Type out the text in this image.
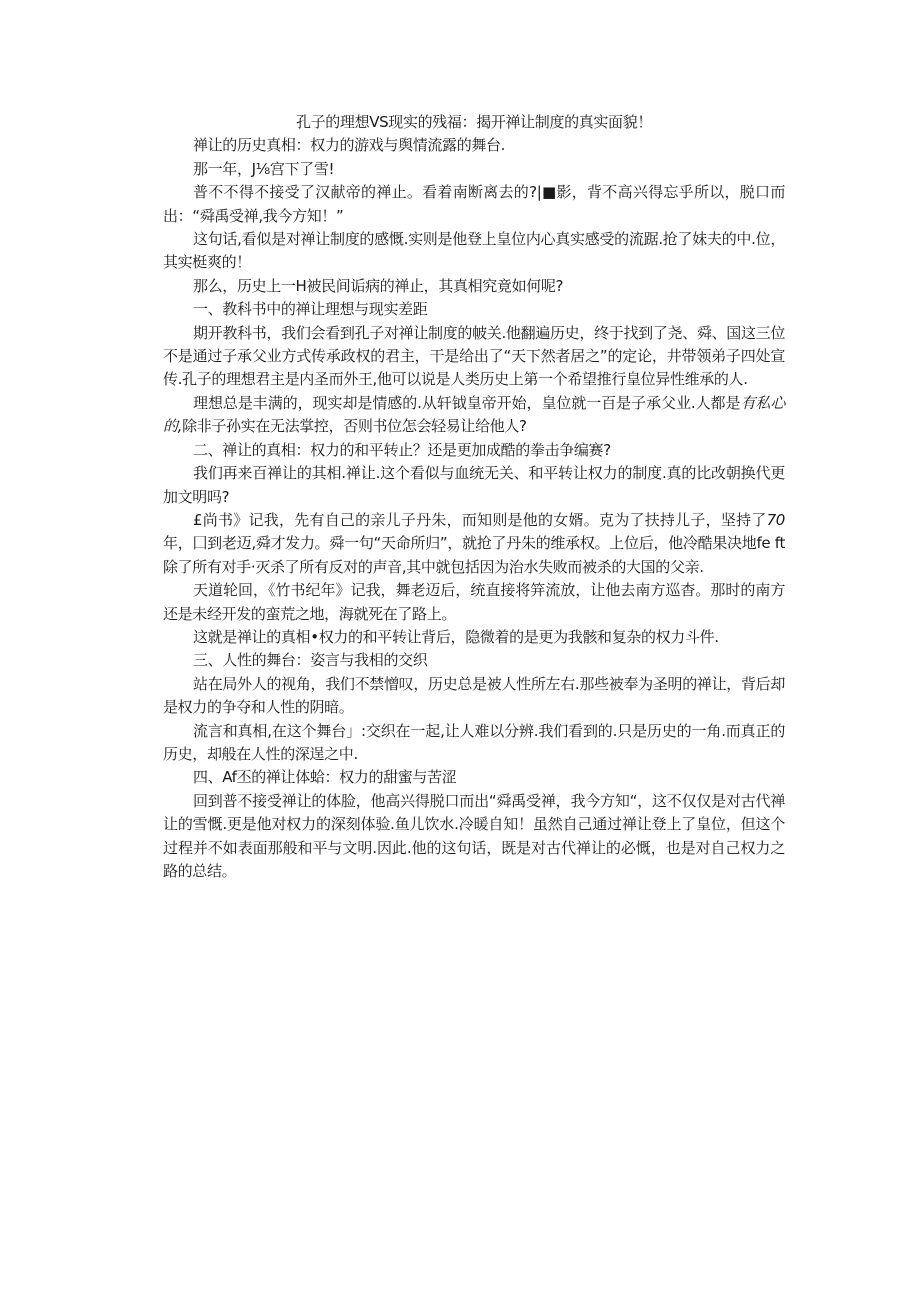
孔子的理想VS现实的残福：揭开禅让制度的真实面貌！

禅让的历史真相：权力的游戏与舆情流露的舞台.

那一年，J⅛宫下了雪!

普不不得不接受了汉献帝的禅止。看着南断离去的?|■影，背不高兴得忘乎所以，脱口而出：“舜禹受禅,我今方知！”

这句话,看似是对禅让制度的感慨.实则是他登上皇位内心真实感受的流踞.抢了妹夫的中.位，其实梃爽的！

那么，历史上一H被民间诟病的禅止，其真相究竟如何呢?

一、教科书中的禅让理想与现实差距

期开教科书，我们会看到孔子对禅让制度的帔关.他翻遍历史，终于找到了尧、舜、国这三位不是通过子承父业方式传承政权的君主，干是给出了“天下然者居之”的定论，井带领弟子四处宣传.孔子的理想君主是内圣而外王,他可以说是人类历史上第一个希望推行皇位异性维承的人.

理想总是丰满的，现实却是情感的.从轩钺皇帝开始，皇位就一百是子承父业.人都是有私心的,除非子孙实在无法掌控，否则书位怎会轻易让给他人?

二、禅让的真相：权力的和平转止？还是更加成酷的拳击争编赛?

我们再来百禅让的其相.禅让.这个看似与血统无关、和平转让权力的制度.真的比改朝换代更加文明吗?

£尚书》记我，先有自己的亲儿子丹朱，而知则是他的女婿。克为了扶持儿子，坚持了70年，囗到老迈,舜才发力。舜一句“天命所归”，就抢了丹朱的维承权。上位后，他冷酷果决地fe ft除了所有对手·灭杀了所有反对的声音,其中就包括因为治水失败而被杀的大国的父亲.

天道轮回，《竹书纪年》记我，舞老迈后，统直接将笄流放，让他去南方巡杳。那时的南方还是未经开发的蛮荒之地，海就死在了路上。

这就是禅让的真相•权力的和平转让背后，隐微着的是更为我骸和复杂的权力斗件.

三、人性的舞台：姿言与我相的交织

站在局外人的视角，我们不禁憎叹，历史总是被人性所左右.那些被奉为圣明的禅让，背后却是权力的争夺和人性的阴暗。

流言和真相,在这个舞台」:交织在一起,让人难以分辨.我们看到的.只是历史的一角.而真正的历史，却般在人性的深逞之中.

四、Af丕的禅让体蛤：权力的甜蜜与苦涩

回到普不接受禅让的体脸，他高兴得脱口而出“舜禹受禅，我今方知“，这不仅仅是对古代禅让的雪慨.更是他对权力的深刻体验.鱼儿饮水.冷暖自知！虽然自己通过禅让登上了皇位，但这个过程并不如表面那般和平与文明.因此.他的这句话，既是对古代禅让的必慨，也是对自己权力之路的总结。
